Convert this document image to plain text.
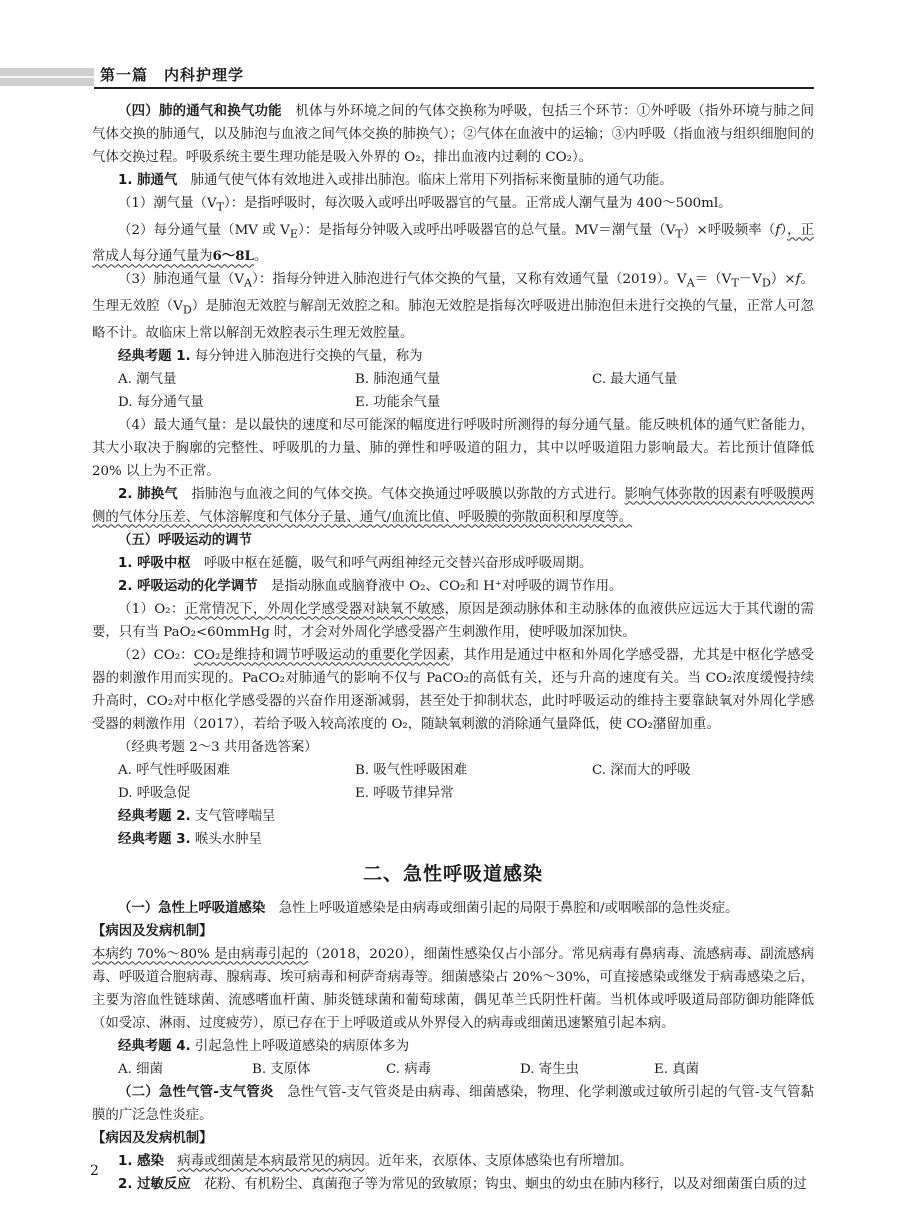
第一篇　内科护理学

（四）肺的通气和换气功能　 机体与外环境之间的气体交换称为呼吸，包括三个环节：①外呼吸（指外环境与肺之间气体交换的肺通气，以及肺泡与血液之间气体交换的肺换气）；②气体在血液中的运输；③内呼吸（指血液与组织细胞间的气体交换过程。呼吸系统主要生理功能是吸入外界的 O₂，排出血液内过剩的 CO₂）。

1. 肺通气　 肺通气使气体有效地进入或排出肺泡。临床上常用下列指标来衡量肺的通气功能。

（1）潮气量$(V_T)$：是指呼吸时，每次吸入或呼出呼吸器官的气量。正常成人潮气量为 400～500ml。

（2）每分通气量（MV 或 $V_E$）：是指每分钟吸入或呼出呼吸器官的总气量。MV＝潮气量$(V_T)\times$呼吸频率（f），正常成人每分通气量为6～8L。

（3）肺泡通气量$(V_A)$：指每分钟进入肺泡进行气体交换的气量，又称有效通气量（2019）。$V_A=(V_T-V_D)\times f$。生理无效腔$(V_D)$是肺泡无效腔与解剖无效腔之和。肺泡无效腔是指每次呼吸进出肺泡但未进行交换的气量，正常人可忽略不计。故临床上常以解剖无效腔表示生理无效腔量。

经典考题 1. 每分钟进入肺泡进行交换的气量，称为

A. 潮气量	B. 肺泡通气量	C. 最大通气量
D. 每分通气量	E. 功能余气量

（4）最大通气量：是以最快的速度和尽可能深的幅度进行呼吸时所测得的每分通气量。能反映机体的通气贮备能力，其大小取决于胸廓的完整性、呼吸肌的力量、肺的弹性和呼吸道的阻力，其中以呼吸道阻力影响最大。若比预计值降低 20% 以上为不正常。

2. 肺换气　 指肺泡与血液之间的气体交换。气体交换通过呼吸膜以弥散的方式进行。影响气体弥散的因素有呼吸膜两侧的气体分压差、气体溶解度和气体分子量、通气/血流比值、呼吸膜的弥散面积和厚度等。

（五）呼吸运动的调节

1. 呼吸中枢　 呼吸中枢在延髓，吸气和呼气两组神经元交替兴奋形成呼吸周期。

2. 呼吸运动的化学调节　 是指动脉血或脑脊液中 O₂、CO₂和 H⁺对呼吸的调节作用。

（1）O₂：正常情况下，外周化学感受器对缺氧不敏感，原因是颈动脉体和主动脉体的血液供应远远大于其代谢的需要，只有当 PaO₂<60mmHg 时，才会对外周化学感受器产生刺激作用，使呼吸加深加快。

（2）CO₂：CO₂是维持和调节呼吸运动的重要化学因素，其作用是通过中枢和外周化学感受器，尤其是中枢化学感受器的刺激作用而实现的。PaCO₂对肺通气的影响不仅与 PaCO₂的高低有关，还与升高的速度有关。当 CO₂浓度缓慢持续升高时，CO₂对中枢化学感受器的兴奋作用逐渐减弱，甚至处于抑制状态，此时呼吸运动的维持主要靠缺氧对外周化学感受器的刺激作用（2017），若给予吸入较高浓度的 O₂，随缺氧刺激的消除通气量降低，使 CO₂潴留加重。

（经典考题 2～3 共用备选答案）

A. 呼气性呼吸困难	B. 吸气性呼吸困难	C. 深而大的呼吸
D. 呼吸急促	E. 呼吸节律异常

经典考题 2. 支气管哮喘呈

经典考题 3. 喉头水肿呈

二、急性呼吸道感染

（一）急性上呼吸道感染　 急性上呼吸道感染是由病毒或细菌引起的局限于鼻腔和/或咽喉部的急性炎症。

【病因及发病机制】

本病约 70%～80% 是由病毒引起的（2018，2020），细菌性感染仅占小部分。常见病毒有鼻病毒、流感病毒、副流感病毒、呼吸道合胞病毒、腺病毒、埃可病毒和柯萨奇病毒等。细菌感染占 20%～30%，可直接感染或继发于病毒感染之后，主要为溶血性链球菌、流感嗜血杆菌、肺炎链球菌和葡萄球菌，偶见革兰氏阴性杆菌。当机体或呼吸道局部防御功能降低（如受凉、淋雨、过度疲劳），原已存在于上呼吸道或从外界侵入的病毒或细菌迅速繁殖引起本病。

经典考题 4. 引起急性上呼吸道感染的病原体多为

A. 细菌	B. 支原体	C. 病毒	D. 寄生虫	E. 真菌

（二）急性气管-支气管炎　 急性气管-支气管炎是由病毒、细菌感染，物理、化学刺激或过敏所引起的气管-支气管黏膜的广泛急性炎症。

【病因及发病机制】

1. 感染　 病毒或细菌是本病最常见的病因。近年来，衣原体、支原体感染也有所增加。

2. 过敏反应　 花粉、有机粉尘、真菌孢子等为常见的致敏原；钩虫、蛔虫的幼虫在肺内移行，以及对细菌蛋白质的过

2
